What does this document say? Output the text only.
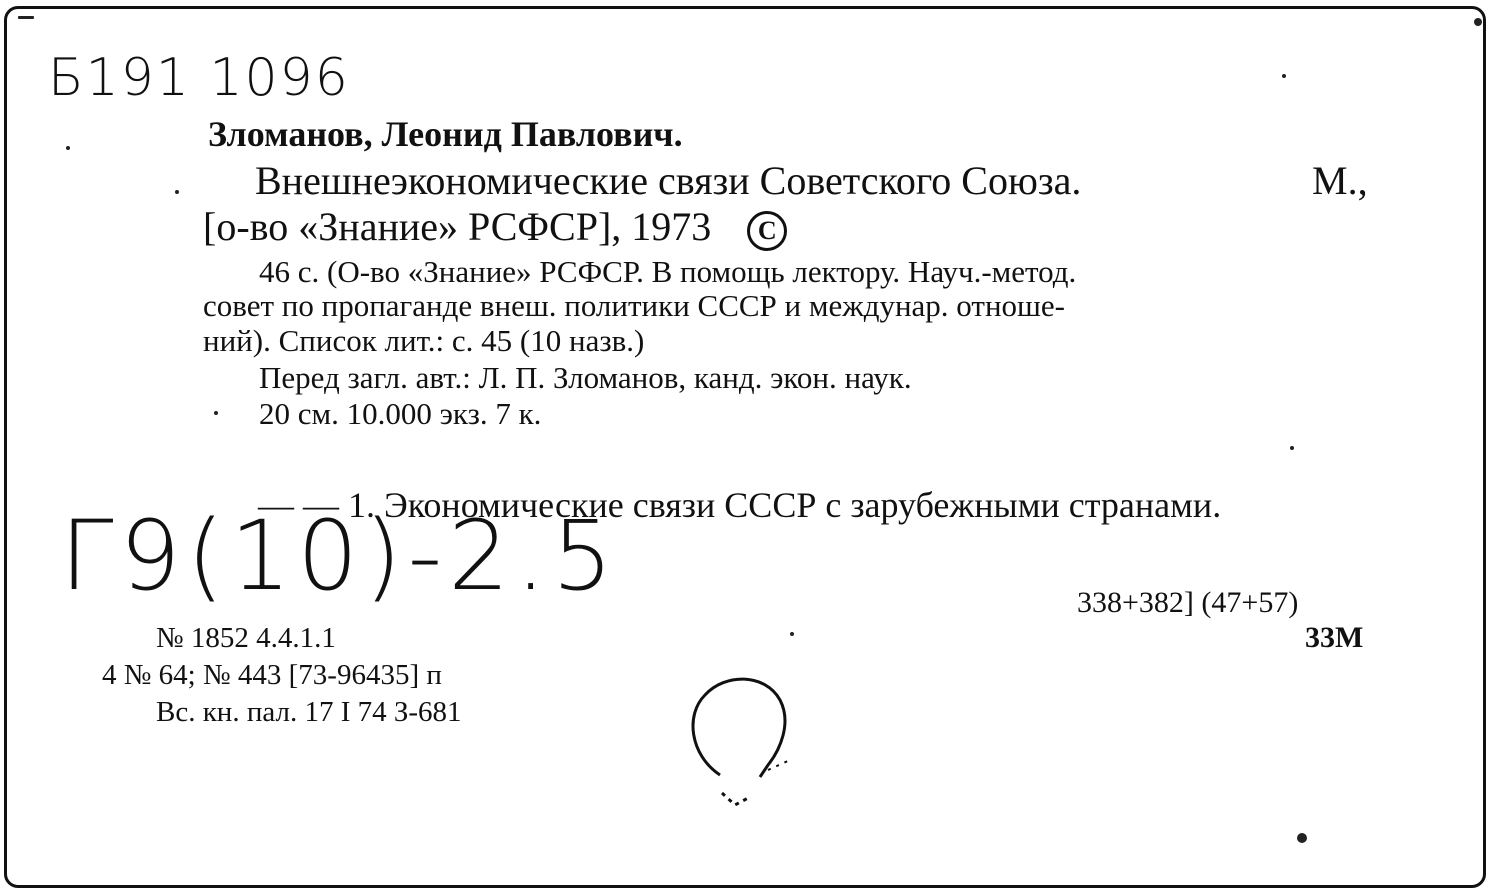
Б191 1096
Зломанов, Леонид Павлович.
Внешнеэкономические связи Советского Союза.	М.,
[о-во «Знание» РСФСР], 1973 C
46 с. (О-во «Знание» РСФСР. В помощь лектору. Науч.-метод.
совет по пропаганде внеш. политики СССР и междунар. отноше-
ний). Список лит.: с. 45 (10 назв.)
Перед загл. авт.: Л. П. Зломанов, канд. экон. наук.
20 см. 10.000 экз. 7 к.
— — 1. Экономические связи СССР с зарубежными странами.
Г9(10)-2.5	338+382] (47+57)
33М
№ 1852 4.4.1.1
4 № 64; № 443 [73-96435] п
Вс. кн. пал. 17 I 74 З-681
